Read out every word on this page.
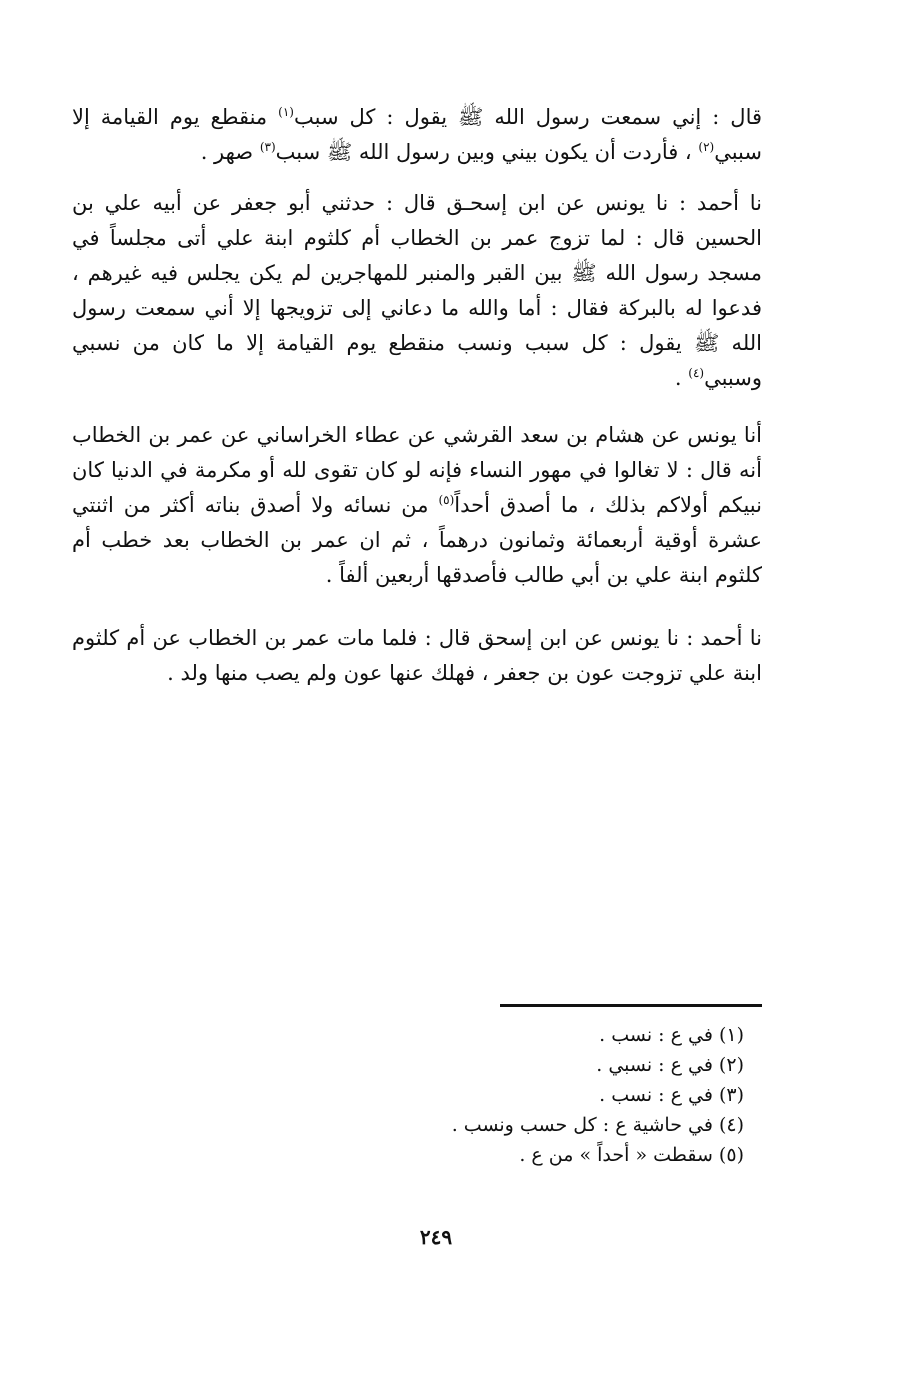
قال : إني سمعت رسول الله ﷺ يقول : كل سبب$^{(١)}$ منقطع يوم القيامة إلا سببي$^{(٢)}$ ، فأردت أن يكون بيني وبين رسول الله ﷺ سبب$^{(٣)}$ صهر .

نا أحمد : نا يونس عن ابن إسحـق قال : حدثني أبو جعفر عن أبيه علي بن الحسين قال : لما تزوج عمر بن الخطاب أم كلثوم ابنة علي أتى مجلساً في مسجد رسول الله ﷺ بين القبر والمنبر للمهاجرين لم يكن يجلس فيه غيرهم ، فدعوا له بالبركة فقال : أما والله ما دعاني إلى تزويجها إلا أني سمعت رسول الله ﷺ يقول : كل سبب ونسب منقطع يوم القيامة إلا ما كان من نسبي وسببي$^{(٤)}$ .

أنا يونس عن هشام بن سعد القرشي عن عطاء الخراساني عن عمر بن الخطاب أنه قال : لا تغالوا في مهور النساء فإنه لو كان تقوى لله أو مكرمة في الدنيا كان نبيكم أولاكم بذلك ، ما أصدق أحداً$^{(٥)}$ من نسائه ولا أصدق بناته أكثر من اثنتي عشرة أوقية أربعمائة وثمانون درهماً ، ثم ان عمر بن الخطاب بعد خطب أم كلثوم ابنة علي بن أبي طالب فأصدقها أربعين ألفاً .

نا أحمد : نا يونس عن ابن إسحق قال : فلما مات عمر بن الخطاب عن أم كلثوم ابنة علي تزوجت عون بن جعفر ، فهلك عنها عون ولم يصب منها ولد .

(١) في ع : نسب .

(٢) في ع : نسبي .

(٣) في ع : نسب .

(٤) في حاشية ع : كل حسب ونسب .

(٥) سقطت « أحداً » من ع .

٢٤٩
